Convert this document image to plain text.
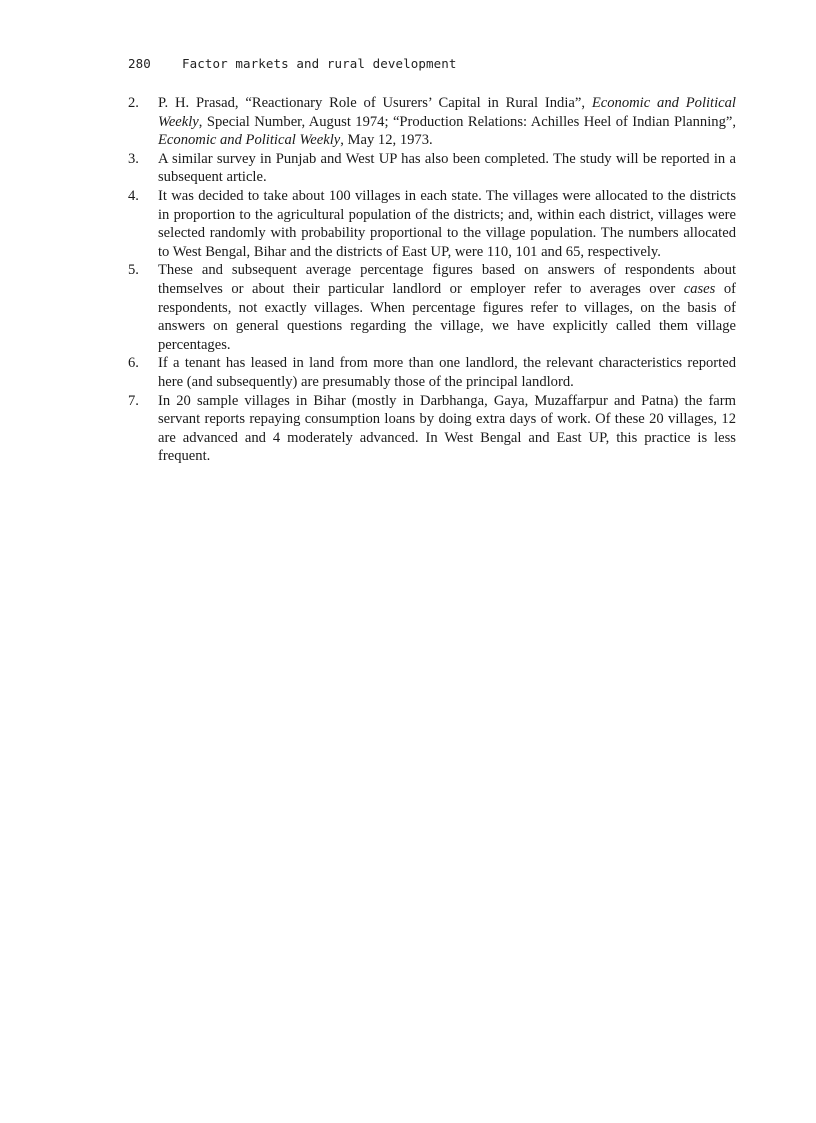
280 Factor markets and rural development
2.	P. H. Prasad, “Reactionary Role of Usurers’ Capital in Rural India”, Economic and Political Weekly, Special Number, August 1974; “Production Relations: Achilles Heel of Indian Planning”, Economic and Political Weekly, May 12, 1973.
3.	A similar survey in Punjab and West UP has also been completed. The study will be reported in a subsequent article.
4.	It was decided to take about 100 villages in each state. The villages were allocated to the districts in proportion to the agricultural population of the districts; and, within each district, villages were selected randomly with probability proportional to the village population. The numbers allocated to West Bengal, Bihar and the districts of East UP, were 110, 101 and 65, respectively.
5.	These and subsequent average percentage figures based on answers of respondents about themselves or about their particular landlord or employer refer to averages over cases of respondents, not exactly villages. When percentage figures refer to villages, on the basis of answers on general questions regarding the village, we have explicitly called them village percentages.
6.	If a tenant has leased in land from more than one landlord, the relevant characteristics reported here (and subsequently) are presumably those of the principal landlord.
7.	In 20 sample villages in Bihar (mostly in Darbhanga, Gaya, Muzaffarpur and Patna) the farm servant reports repaying consumption loans by doing extra days of work. Of these 20 villages, 12 are advanced and 4 moderately advanced. In West Bengal and East UP, this practice is less frequent.
